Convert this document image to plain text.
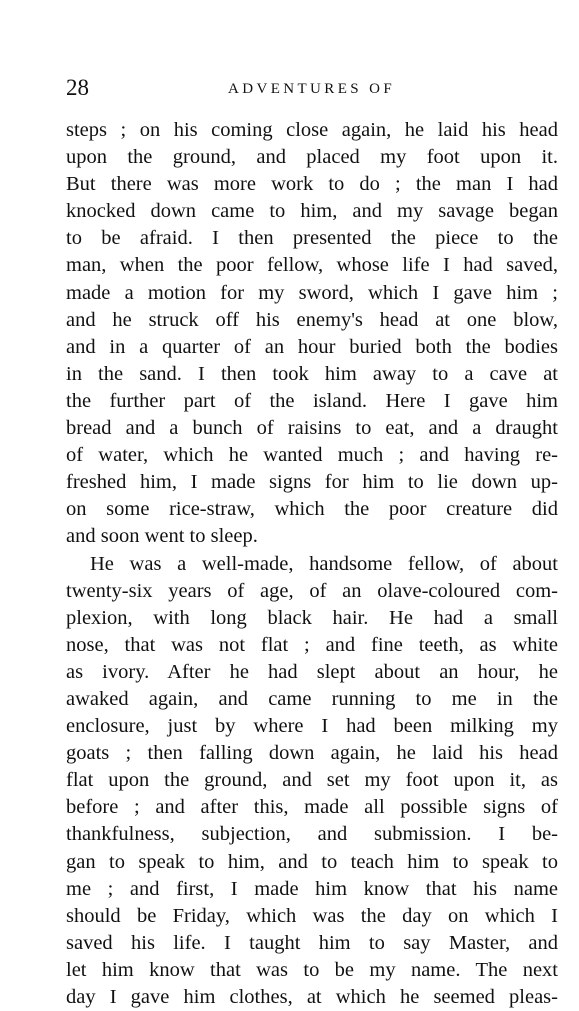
28	ADVENTURES OF
steps ; on his coming close again, he laid his head
upon the ground, and placed my foot upon it.
But there was more work to do ; the man I had
knocked down came to him, and my savage began
to be afraid. I then presented the piece to the
man, when the poor fellow, whose life I had saved,
made a motion for my sword, which I gave him ;
and he struck off his enemy's head at one blow,
and in a quarter of an hour buried both the bodies
in the sand. I then took him away to a cave at
the further part of the island. Here I gave him
bread and a bunch of raisins to eat, and a draught
of water, which he wanted much ; and having re-
freshed him, I made signs for him to lie down up-
on some rice-straw, which the poor creature did
and soon went to sleep.
He was a well-made, handsome fellow, of about
twenty-six years of age, of an olave-coloured com-
plexion, with long black hair. He had a small
nose, that was not flat ; and fine teeth, as white
as ivory. After he had slept about an hour, he
awaked again, and came running to me in the
enclosure, just by where I had been milking my
goats ; then falling down again, he laid his head
flat upon the ground, and set my foot upon it, as
before ; and after this, made all possible signs of
thankfulness, subjection, and submission. I be-
gan to speak to him, and to teach him to speak to
me ; and first, I made him know that his name
should be Friday, which was the day on which I
saved his life. I taught him to say Master, and
let him know that was to be my name. The next
day I gave him clothes, at which he seemed pleas-
